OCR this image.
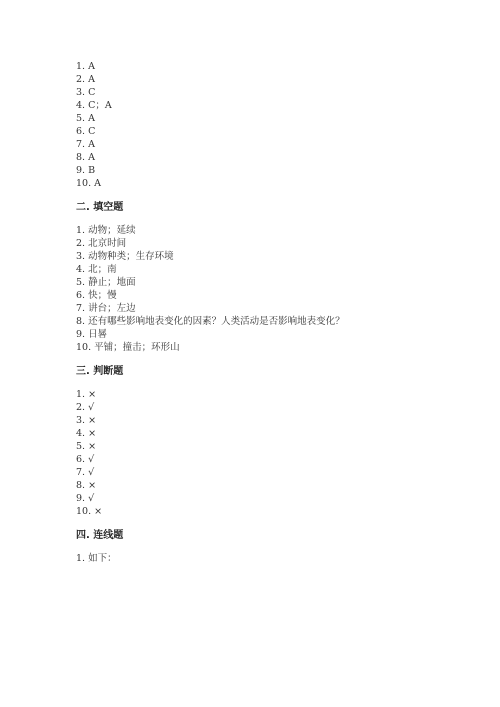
1. A
2. A
3. C
4. C；A
5. A
6. C
7. A
8. A
9. B
10. A
二. 填空题
1. 动物；延续
2. 北京时间
3. 动物种类；生存环境
4. 北；南
5. 静止；地面
6. 快；慢
7. 讲台；左边
8. 还有哪些影响地表变化的因素？人类活动是否影响地表变化？
9. 日晷
10. 平铺；撞击；环形山
三. 判断题
1. ×
2. √
3. ×
4. ×
5. ×
6. √
7. √
8. ×
9. √
10. ×
四. 连线题
1. 如下：
